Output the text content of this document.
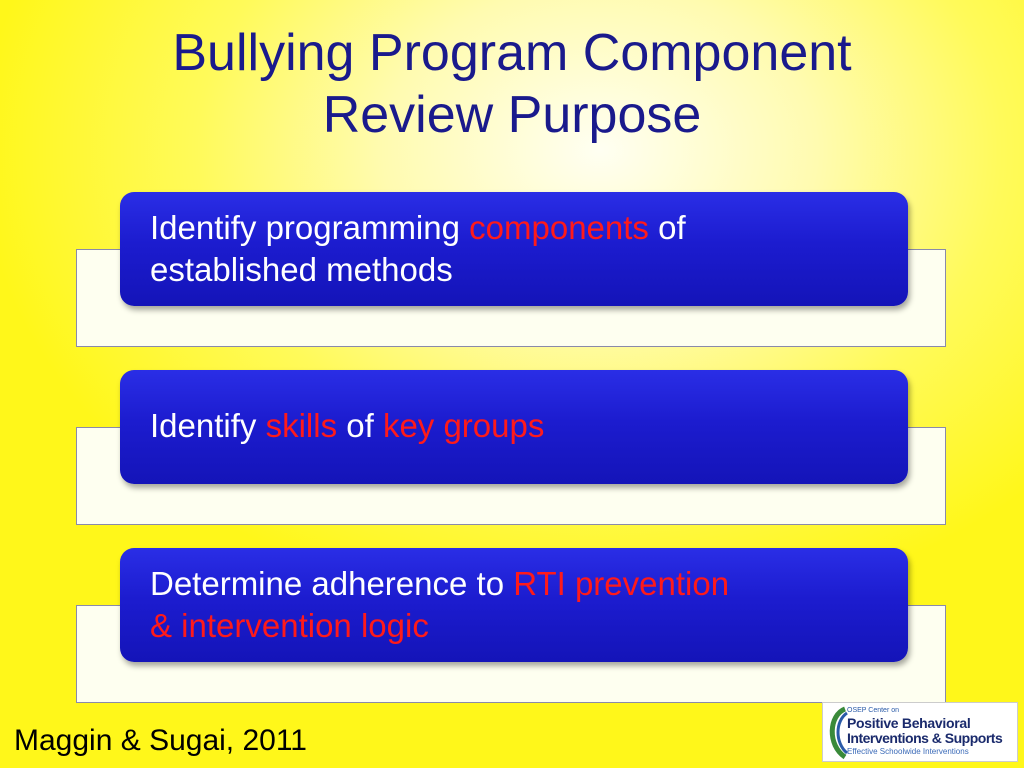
Bullying Program Component
Review Purpose
Identify programming components of
established methods
Identify skills of key groups
Determine adherence to RTI prevention
& intervention logic
Maggin & Sugai, 2011
OSEP Center on
Positive Behavioral
Interventions & Supports
Effective Schoolwide Interventions
